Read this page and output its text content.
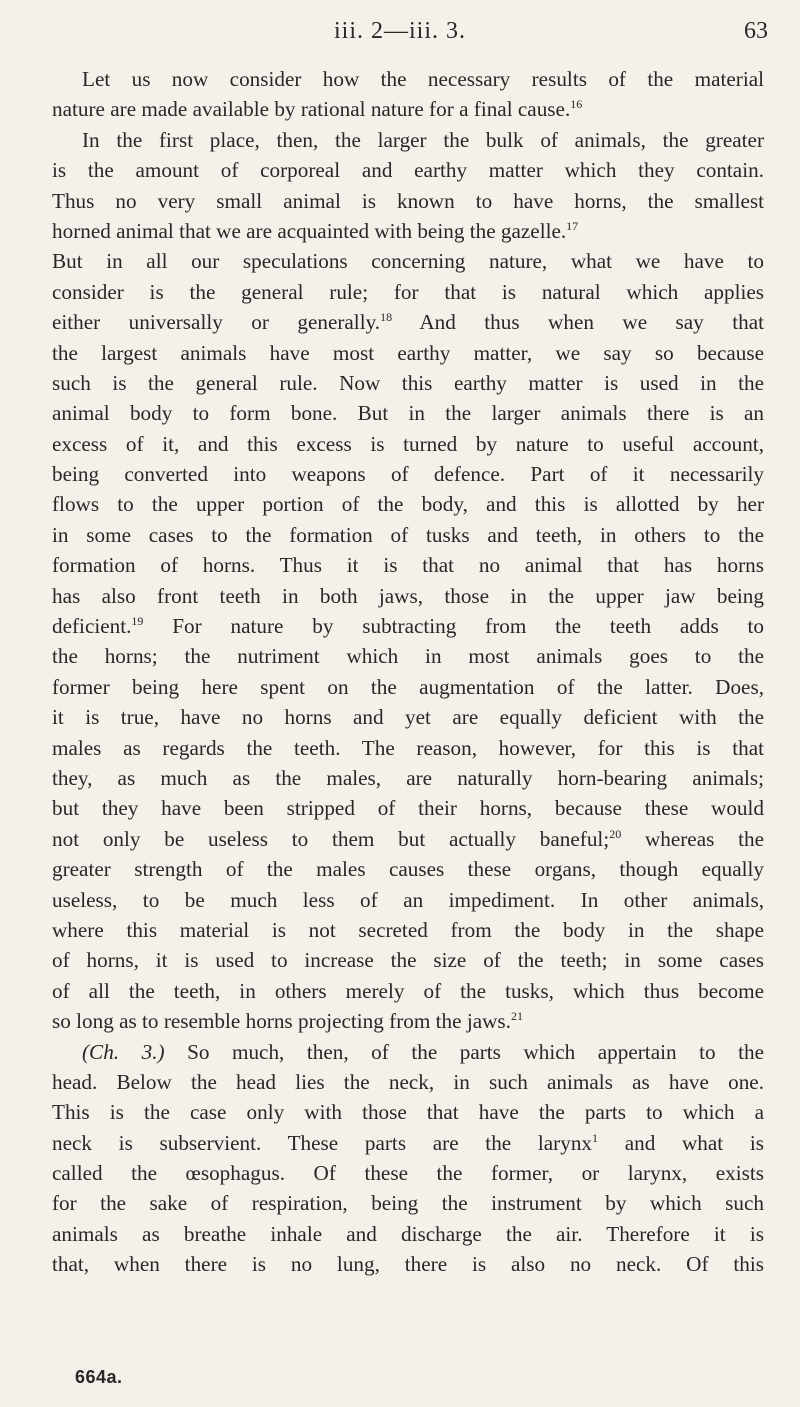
iii. 2—iii. 3.	63
Let us now consider how the necessary results of the material
nature are made available by rational nature for a final cause.$^{16}$
In the first place, then, the larger the bulk of animals, the greater
is the amount of corporeal and earthy matter which they contain.
Thus no very small animal is known to have horns, the smallest
horned animal that we are acquainted with being the gazelle.$^{17}$
But in all our speculations concerning nature, what we have to
consider is the general rule; for that is natural which applies
either universally or generally.$^{18}$ And thus when we say that
the largest animals have most earthy matter, we say so because
such is the general rule. Now this earthy matter is used in the
animal body to form bone. But in the larger animals there is an
excess of it, and this excess is turned by nature to useful account,
being converted into weapons of defence. Part of it necessarily
flows to the upper portion of the body, and this is allotted by her
in some cases to the formation of tusks and teeth, in others to the
formation of horns. Thus it is that no animal that has horns
has also front teeth in both jaws, those in the upper jaw being
deficient.$^{19}$ For nature by subtracting from the teeth adds to
the horns; the nutriment which in most animals goes to the
former being here spent on the augmentation of the latter. Does,
it is true, have no horns and yet are equally deficient with the
males as regards the teeth. The reason, however, for this is that
they, as much as the males, are naturally horn-bearing animals;
but they have been stripped of their horns, because these would
not only be useless to them but actually baneful;$^{20}$ whereas the
greater strength of the males causes these organs, though equally
useless, to be much less of an impediment. In other animals,
where this material is not secreted from the body in the shape
of horns, it is used to increase the size of the teeth; in some cases
of all the teeth, in others merely of the tusks, which thus become
so long as to resemble horns projecting from the jaws.$^{21}$
(Ch. 3.) So much, then, of the parts which appertain to the
head. Below the head lies the neck, in such animals as have one.
This is the case only with those that have the parts to which a
neck is subservient. These parts are the larynx$^1$ and what is
called the œsophagus. Of these the former, or larynx, exists
for the sake of respiration, being the instrument by which such
animals as breathe inhale and discharge the air. Therefore it is
that, when there is no lung, there is also no neck. Of this
664a.
